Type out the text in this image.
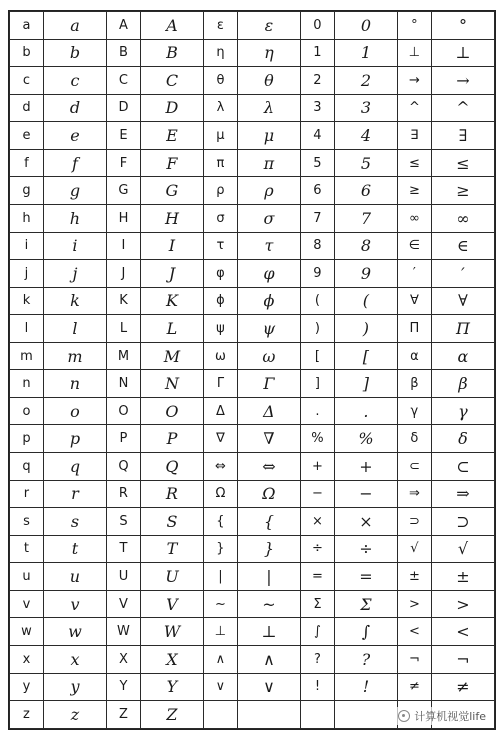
a	a	A	A	ε	ε	0	0	°	°
b	b	B	B	η	η	1	1	⊥	⊥
c	c	C	C	θ	θ	2	2	→	→
d	d	D	D	λ	λ	3	3	^	^
e	e	E	E	μ	μ	4	4	∃	∃
f	f	F	F	π	π	5	5	≤	≤
g	g	G	G	ρ	ρ	6	6	≥	≥
h	h	H	H	σ	σ	7	7	∞	∞
i	i	I	I	τ	τ	8	8	∈	∈
j	j	J	J	φ	φ	9	9	′	′
k	k	K	K	ϕ	ϕ	(	(	∀	∀
l	l	L	L	ψ	ψ	)	)	Π	Π
m	m	M	M	ω	ω	[	[	α	α
n	n	N	N	Γ	Γ	]	]	β	β
o	o	O	O	Δ	Δ	.	.	γ	γ
p	p	P	P	∇	∇	%	%	δ	δ
q	q	Q	Q	⇔	⇔	+	+	⊂	⊂
r	r	R	R	Ω	Ω	−	−	⇒	⇒
s	s	S	S	{	{	×	×	⊃	⊃
t	t	T	T	}	}	÷	÷	√	√
u	u	U	U	|	|	=	=	±	±
v	v	V	V	~	~	Σ	Σ	>	>
w	w	W	W	⊥	⊥	∫	∫	<	<
x	x	X	X	∧	∧	?	?	¬	¬
y	y	Y	Y	∨	∨	!	!	≠	≠
z	z	Z	Z							计算机视觉life
